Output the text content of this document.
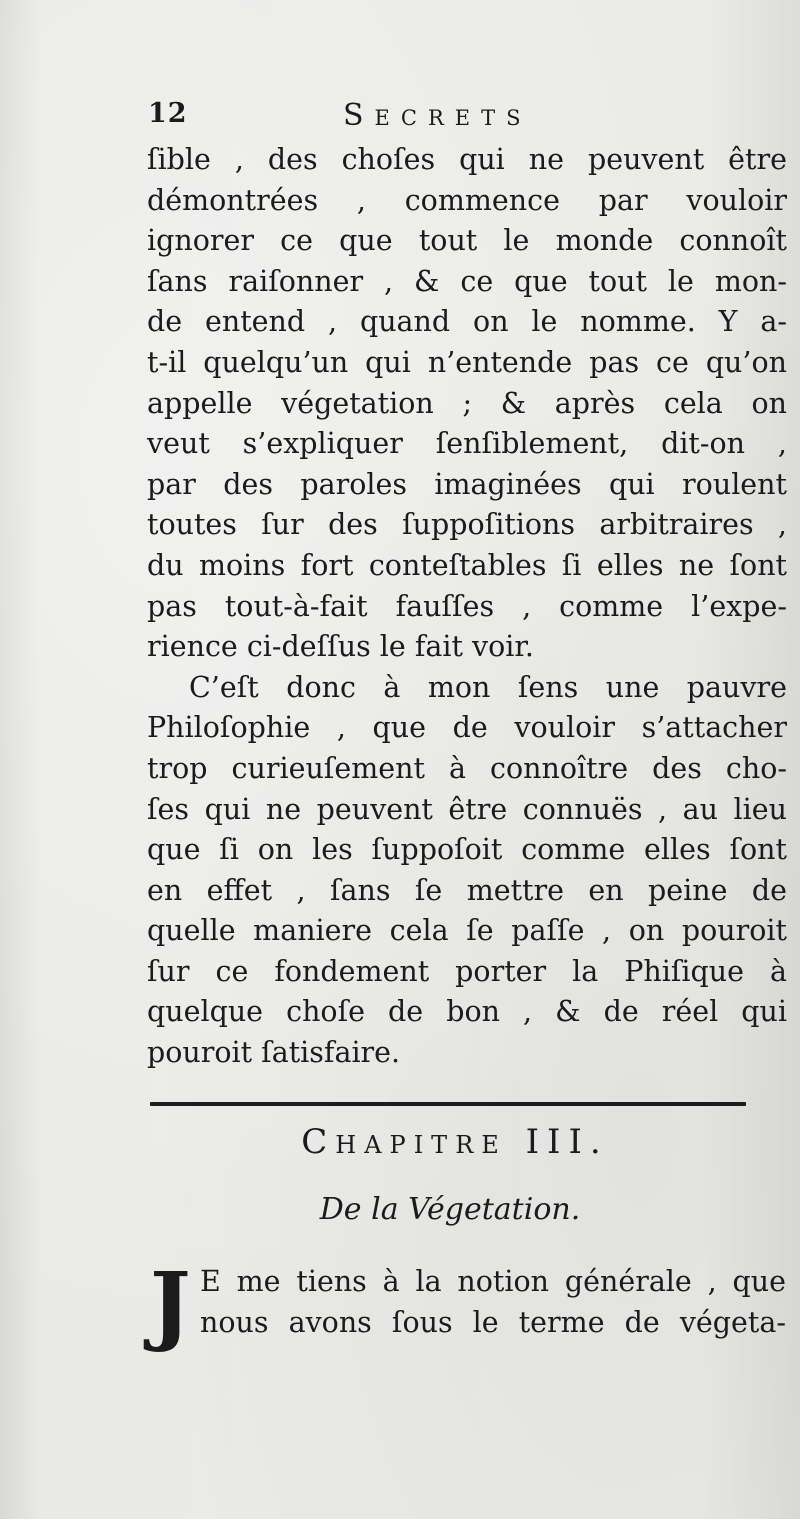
12	Secrets
ſible , des choſes qui ne peuvent être
démontrées , commence par vouloir
ignorer ce que tout le monde connoît
ſans raiſonner , & ce que tout le mon-
de entend , quand on le nomme. Y a-
t-il quelqu’un qui n’entende pas ce qu’on
appelle végetation ; & après cela on
veut s’expliquer ſenſiblement, dit-on ,
par des paroles imaginées qui roulent
toutes ſur des ſuppoſitions arbitraires ,
du moins fort conteſtables ſi elles ne ſont
pas tout-à-fait fauſſes , comme l’expe-
rience ci-deſſus le fait voir.
C’eſt donc à mon ſens une pauvre
Philoſophie , que de vouloir s’attacher
trop curieuſement à connoître des cho-
ſes qui ne peuvent être connuës , au lieu
que ſi on les ſuppoſoit comme elles ſont
en effet , ſans ſe mettre en peine de
quelle maniere cela ſe paſſe , on pouroit
ſur ce fondement porter la Phiſique à
quelque choſe de bon , & de réel qui
pouroit ſatisfaire.
Chapitre III.
De la Végetation.
J E me tiens à la notion générale , que
nous avons ſous le terme de végeta-
